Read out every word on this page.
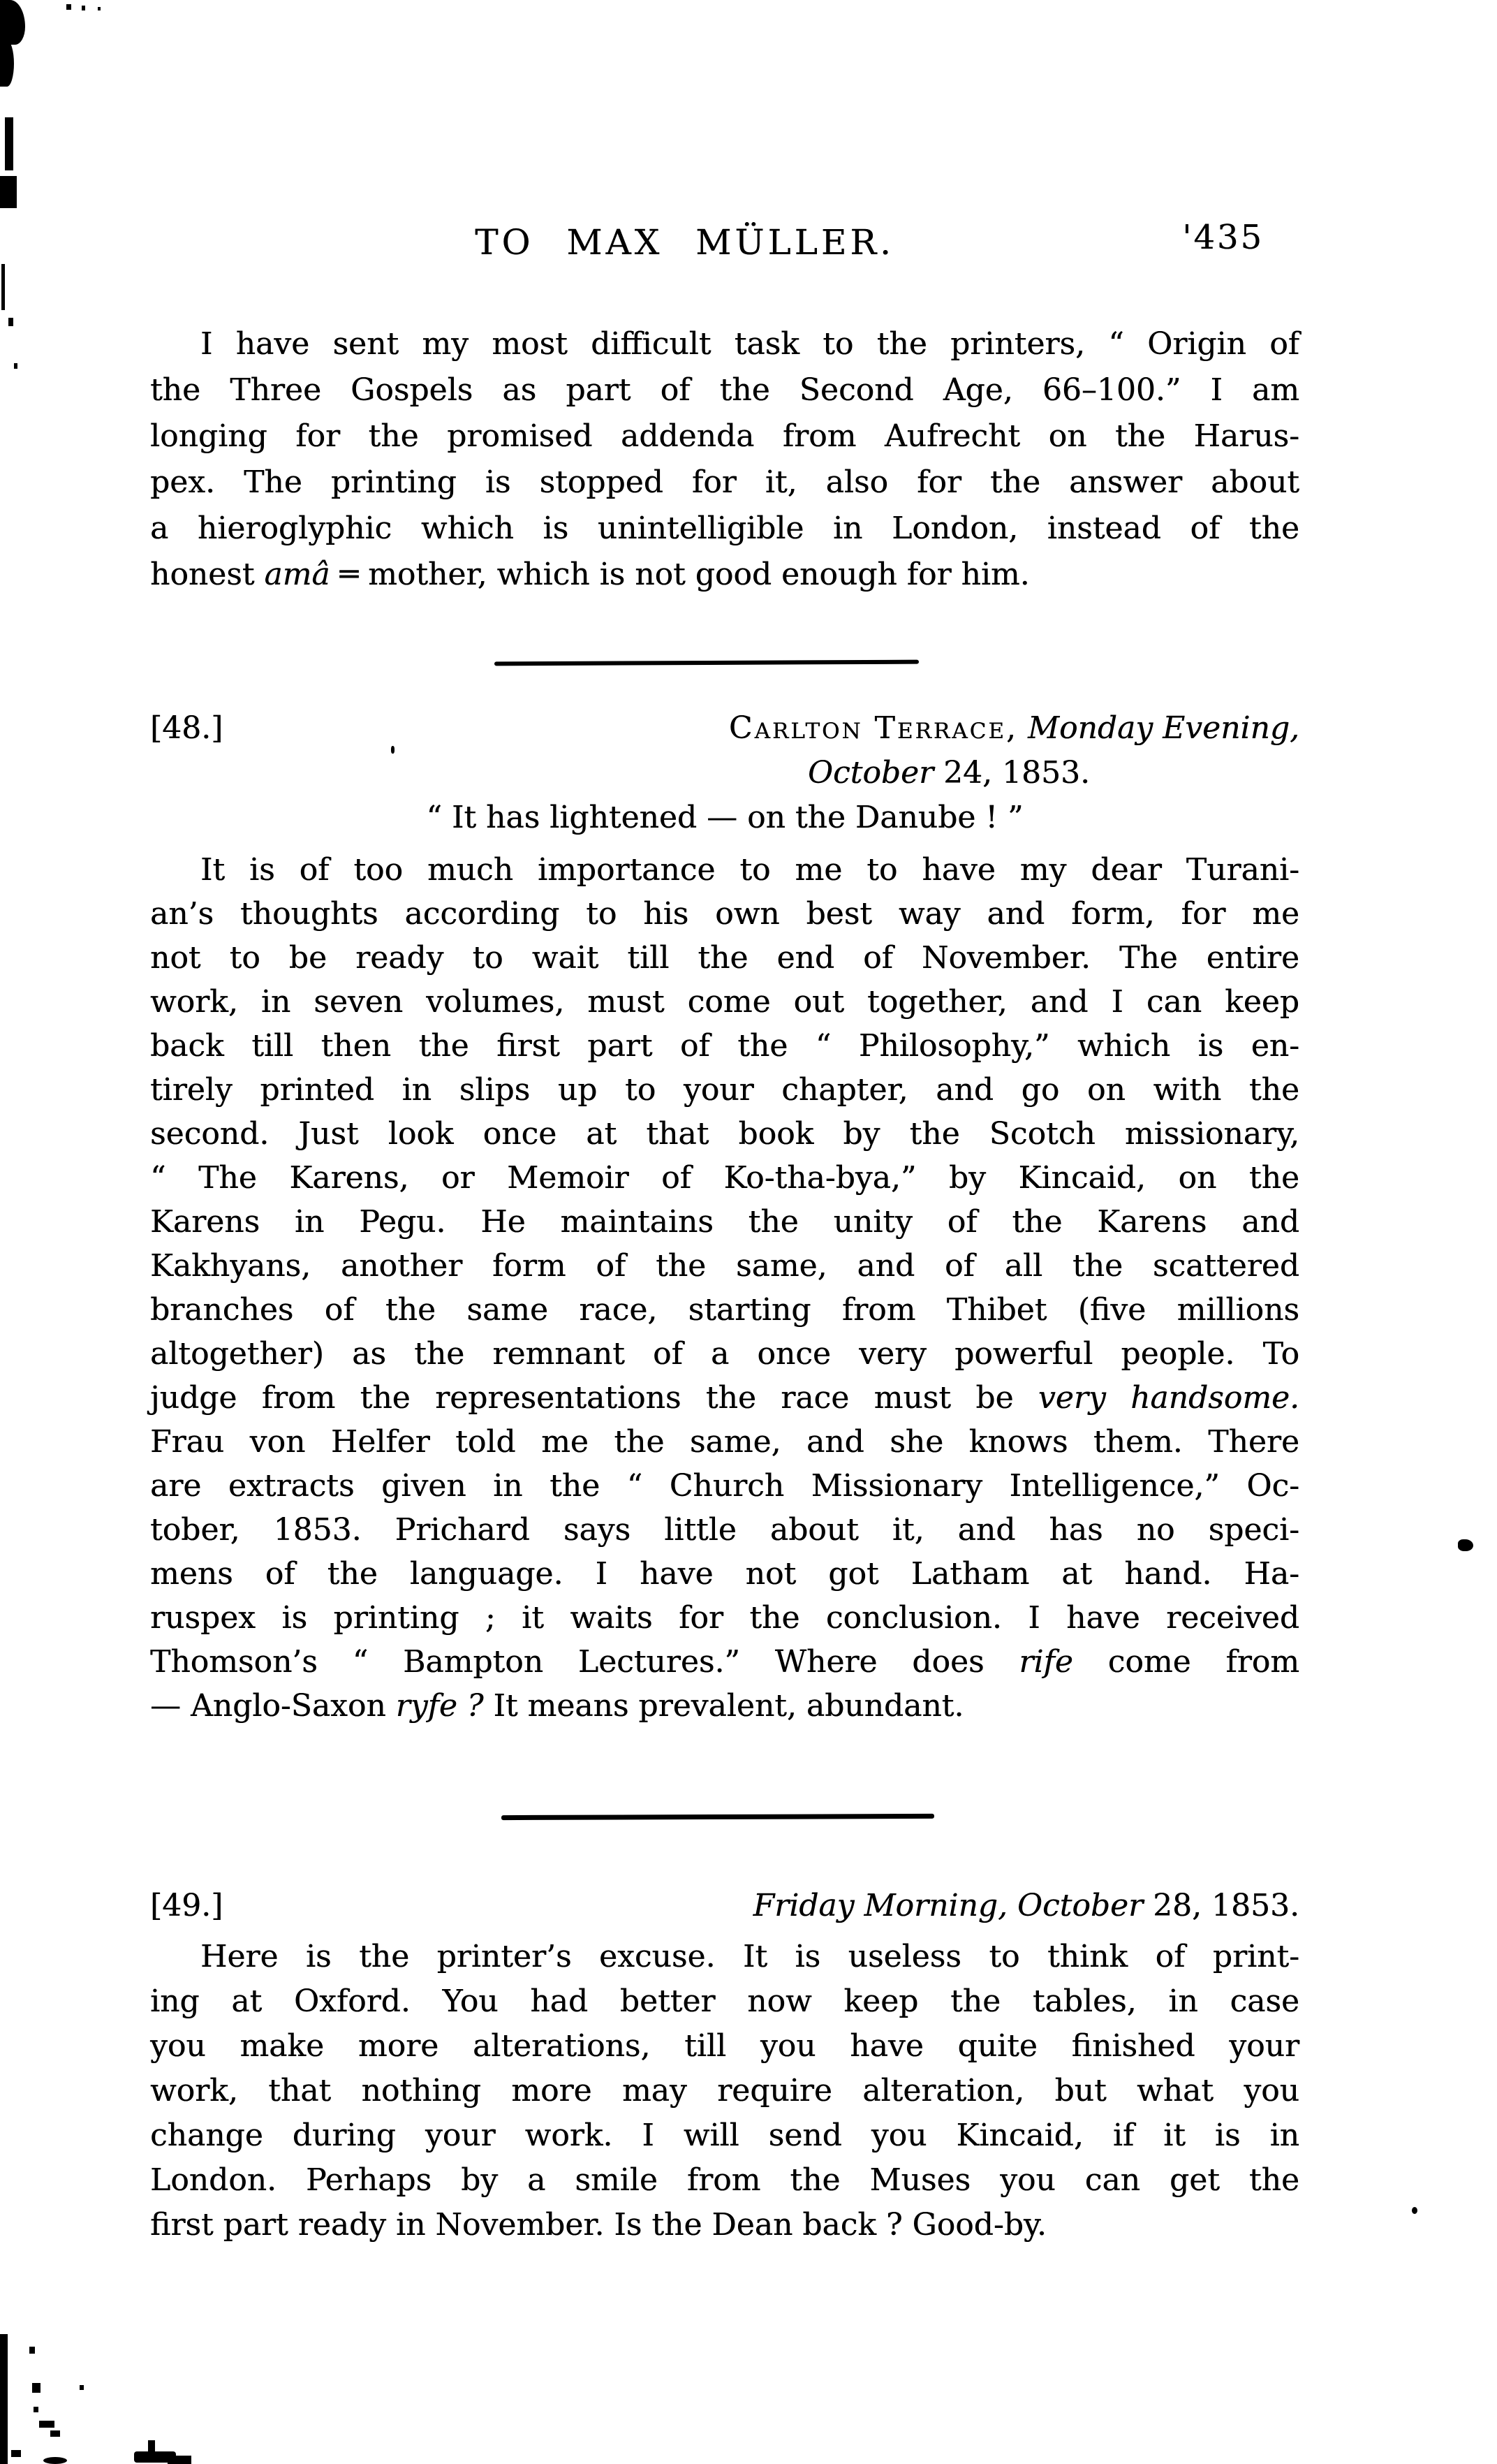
TO MAX MÜLLER.	'435
I have sent my most difficult task to the printers, “ Origin of
the Three Gospels as part of the Second Age, 66–100.” I am
longing for the promised addenda from Aufrecht on the Harus-
pex. The printing is stopped for it, also for the answer about
a hieroglyphic which is unintelligible in London, instead of the
honest amâ ═ mother, which is not good enough for him.
[48.]	Carlton Terrace, Monday Evening,
October 24, 1853.
“ It has lightened — on the Danube ! ”
It is of too much importance to me to have my dear Turani-
an’s thoughts according to his own best way and form, for me
not to be ready to wait till the end of November. The entire
work, in seven volumes, must come out together, and I can keep
back till then the first part of the “ Philosophy,” which is en-
tirely printed in slips up to your chapter, and go on with the
second. Just look once at that book by the Scotch missionary,
“ The Karens, or Memoir of Ko-tha-bya,” by Kincaid, on the
Karens in Pegu. He maintains the unity of the Karens and
Kakhyans, another form of the same, and of all the scattered
branches of the same race, starting from Thibet (five millions
altogether) as the remnant of a once very powerful people. To
judge from the representations the race must be very handsome.
Frau von Helfer told me the same, and she knows them. There
are extracts given in the “ Church Missionary Intelligence,” Oc-
tober, 1853. Prichard says little about it, and has no speci-
mens of the language. I have not got Latham at hand. Ha-
ruspex is printing ; it waits for the conclusion. I have received
Thomson’s “ Bampton Lectures.” Where does rife come from
— Anglo-Saxon ryfe ? It means prevalent, abundant.
[49.]	Friday Morning, October 28, 1853.
Here is the printer’s excuse. It is useless to think of print-
ing at Oxford. You had better now keep the tables, in case
you make more alterations, till you have quite finished your
work, that nothing more may require alteration, but what you
change during your work. I will send you Kincaid, if it is in
London. Perhaps by a smile from the Muses you can get the
first part ready in November. Is the Dean back ? Good-by.
